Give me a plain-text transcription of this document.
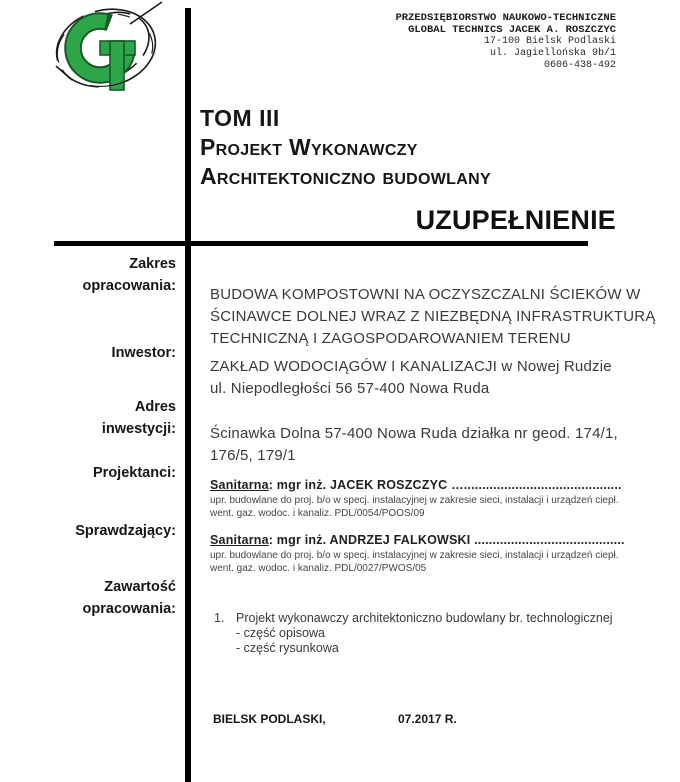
PRZEDSIĘBIORSTWO NAUKOWO-TECHNICZNE
GLOBAL TECHNICS JACEK A. ROSZCZYC
17-100 Bielsk Podlaski
ul. Jagiellońska 9b/1
0606-438-492
TOM III
Projekt Wykonawczy
Architektoniczno budowlany
UZUPEŁNIENIE
Zakres
opracowania:
Inwestor:
Adres
inwestycji:
Projektanci:
Sprawdzający:
Zawartość
opracowania:
BUDOWA KOMPOSTOWNI NA OCZYSZCZALNI ŚCIEKÓW W
ŚCINAWCE DOLNEJ WRAZ Z NIEZBĘDNĄ INFRASTRUKTURĄ
TECHNICZNĄ I ZAGOSPODAROWANIEM TERENU
ZAKŁAD WODOCIĄGÓW I KANALIZACJI w Nowej Rudzie
ul. Niepodległości 56 57-400 Nowa Ruda
Ścinawka Dolna 57-400 Nowa Ruda działka nr geod. 174/1,
176/5, 179/1
Sanitarna: mgr inż. JACEK ROSZCZYC …...........................................
upr. budowlane do proj. b/o w specj. instalacyjnej w zakresie sieci, instalacji i urządzeń ciepł.
went. gaz. wodoc. i kanaliz. PDL/0054/POOS/09
Sanitarna: mgr inż. ANDRZEJ FALKOWSKI .........................................
upr. budowlane do proj. b/o w specj. instalacyjnej w zakresie sieci, instalacji i urządzeń ciepł.
went. gaz. wodoc. i kanaliz. PDL/0027/PWOS/05
1. Projekt wykonawczy architektoniczno budowlany br. technologicznej
- część opisowa
- część rysunkowa
BIELSK PODLASKI,	07.2017 R.
